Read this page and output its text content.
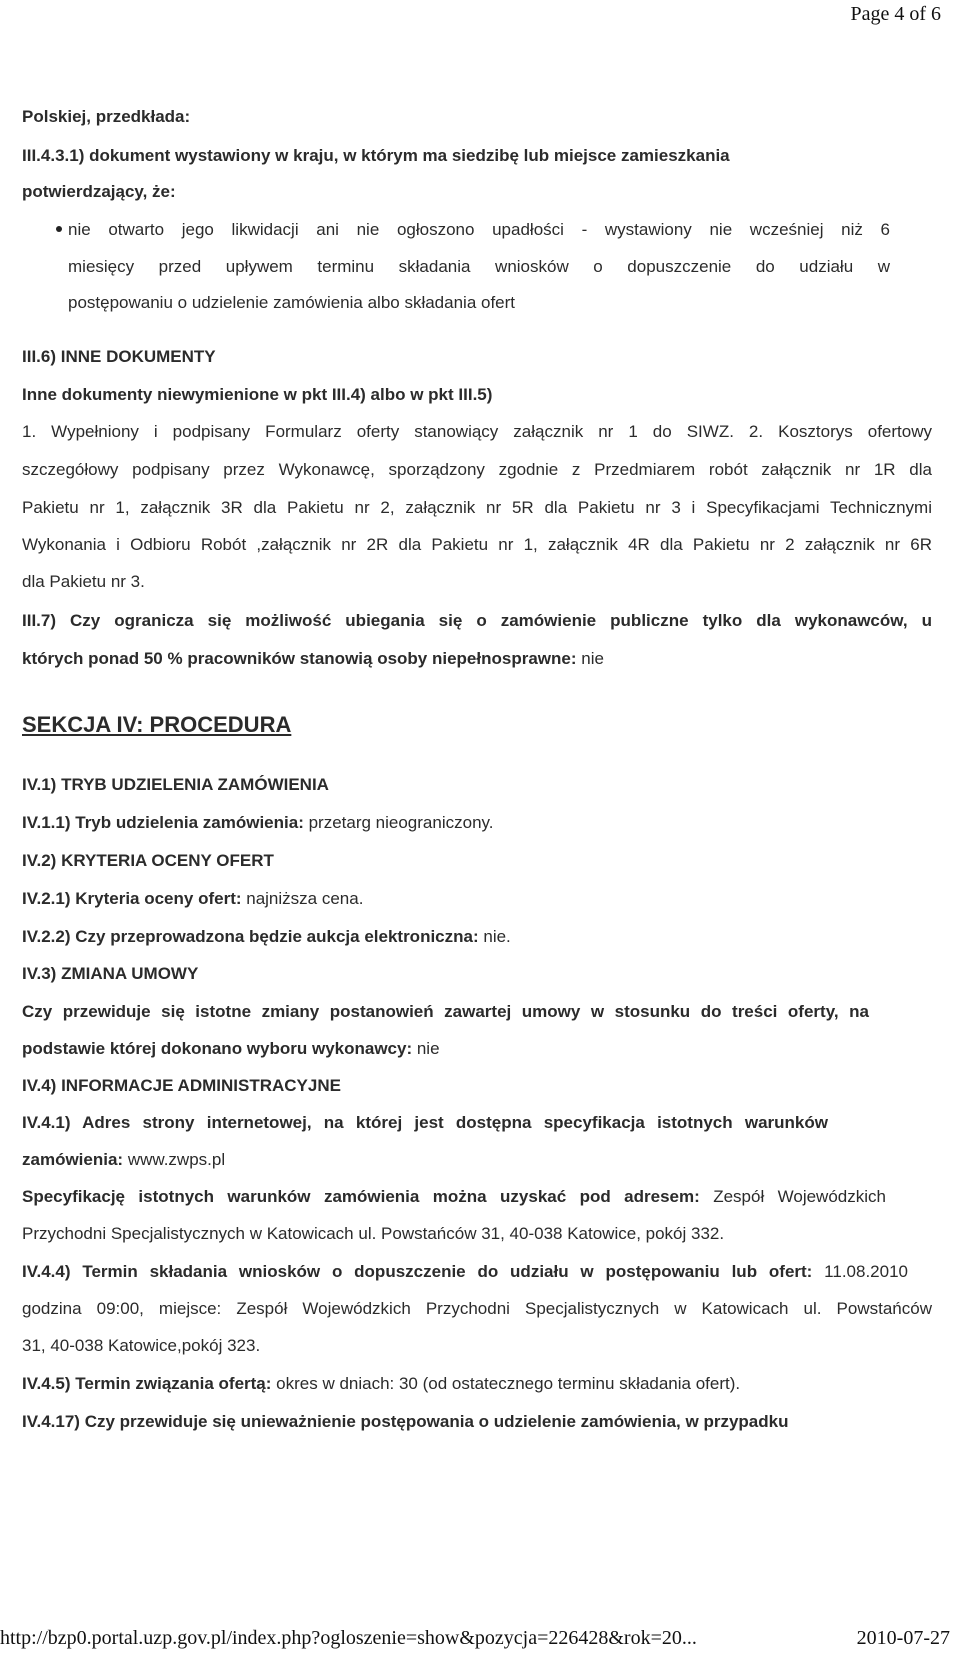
Page 4 of 6
Polskiej, przedkłada:
III.4.3.1) dokument wystawiony w kraju, w którym ma siedzibę lub miejsce zamieszkania
potwierdzający, że:
nie otwarto jego likwidacji ani nie ogłoszono upadłości - wystawiony nie wcześniej niż 6
miesięcy przed upływem terminu składania wniosków o dopuszczenie do udziału w
postępowaniu o udzielenie zamówienia albo składania ofert
III.6) INNE DOKUMENTY
Inne dokumenty niewymienione w pkt III.4) albo w pkt III.5)
1. Wypełniony i podpisany Formularz oferty stanowiący załącznik nr 1 do SIWZ. 2. Kosztorys ofertowy
szczegółowy podpisany przez Wykonawcę, sporządzony zgodnie z Przedmiarem robót załącznik nr 1R dla
Pakietu nr 1, załącznik 3R dla Pakietu nr 2, załącznik nr 5R dla Pakietu nr 3 i Specyfikacjami Technicznymi
Wykonania i Odbioru Robót ,załącznik nr 2R dla Pakietu nr 1, załącznik 4R dla Pakietu nr 2 załącznik nr 6R
dla Pakietu nr 3.
III.7) Czy ogranicza się możliwość ubiegania się o zamówienie publiczne tylko dla wykonawców, u
których ponad 50 % pracowników stanowią osoby niepełnosprawne: nie
SEKCJA IV: PROCEDURA
IV.1) TRYB UDZIELENIA ZAMÓWIENIA
IV.1.1) Tryb udzielenia zamówienia: przetarg nieograniczony.
IV.2) KRYTERIA OCENY OFERT
IV.2.1) Kryteria oceny ofert: najniższa cena.
IV.2.2) Czy przeprowadzona będzie aukcja elektroniczna: nie.
IV.3) ZMIANA UMOWY
Czy przewiduje się istotne zmiany postanowień zawartej umowy w stosunku do treści oferty, na
podstawie której dokonano wyboru wykonawcy: nie
IV.4) INFORMACJE ADMINISTRACYJNE
IV.4.1) Adres strony internetowej, na której jest dostępna specyfikacja istotnych warunków
zamówienia: www.zwps.pl
Specyfikację istotnych warunków zamówienia można uzyskać pod adresem: Zespół Wojewódzkich
Przychodni Specjalistycznych w Katowicach ul. Powstańców 31, 40-038 Katowice, pokój 332.
IV.4.4) Termin składania wniosków o dopuszczenie do udziału w postępowaniu lub ofert: 11.08.2010
godzina 09:00, miejsce: Zespół Wojewódzkich Przychodni Specjalistycznych w Katowicach ul. Powstańców
31, 40-038 Katowice,pokój 323.
IV.4.5) Termin związania ofertą: okres w dniach: 30 (od ostatecznego terminu składania ofert).
IV.4.17) Czy przewiduje się unieważnienie postępowania o udzielenie zamówienia, w przypadku
http://bzp0.portal.uzp.gov.pl/index.php?ogloszenie=show&pozycja=226428&rok=20...	2010-07-27
